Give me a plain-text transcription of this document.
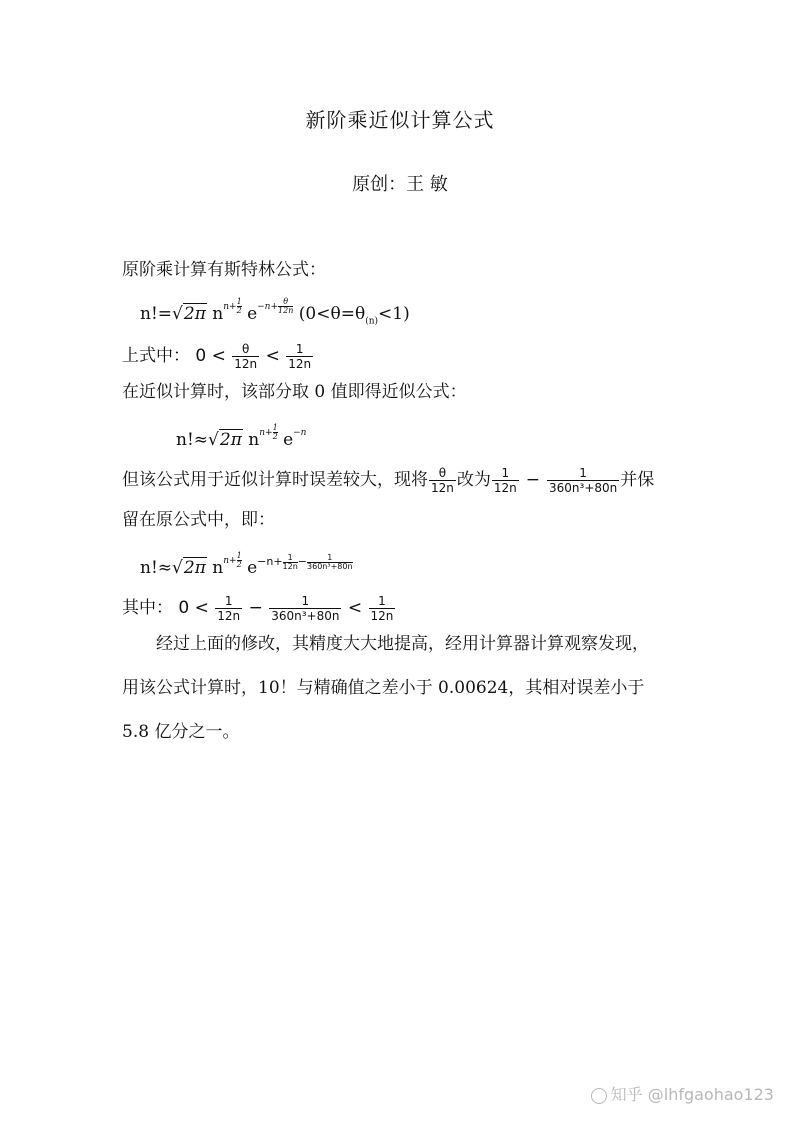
新阶乘近似计算公式
原创：王 敏
原阶乘计算有斯特林公式：
n!=√2π $nn+ \frac{1}{2} e-n+ \frac{\theta}{12n} (0<\theta=\theta_{(n)}<1)$
上式中： $0 < \frac{\theta}{12n} < \frac{1}{12n}$
在近似计算时，该部分取 0 值即得近似公式：
n!≈√2π $nn+ \frac{1}{2} e-n$
但该公式用于近似计算时误差较大，现将 $\frac{\theta}{12n}$ 改为 $\frac{1}{12n} - \frac{1}{\text{360n³+80n}}$ 并保
留在原公式中，即：
n!≈√2π $nn+ \frac{1}{2} e-n+ \frac{1}{12n} - \frac{1}{\text{360n³+80n}}$
其中： $0 < \frac{1}{12n} - \frac{1}{\text{360n³+80n}} < \frac{1}{12n}$
　　经过上面的修改，其精度大大地提高，经用计算器计算观察发现，
用该公式计算时，10！与精确值之差小于 0.00624，其相对误差小于
5.8 亿分之一。
知乎 @lhfgaohao123
